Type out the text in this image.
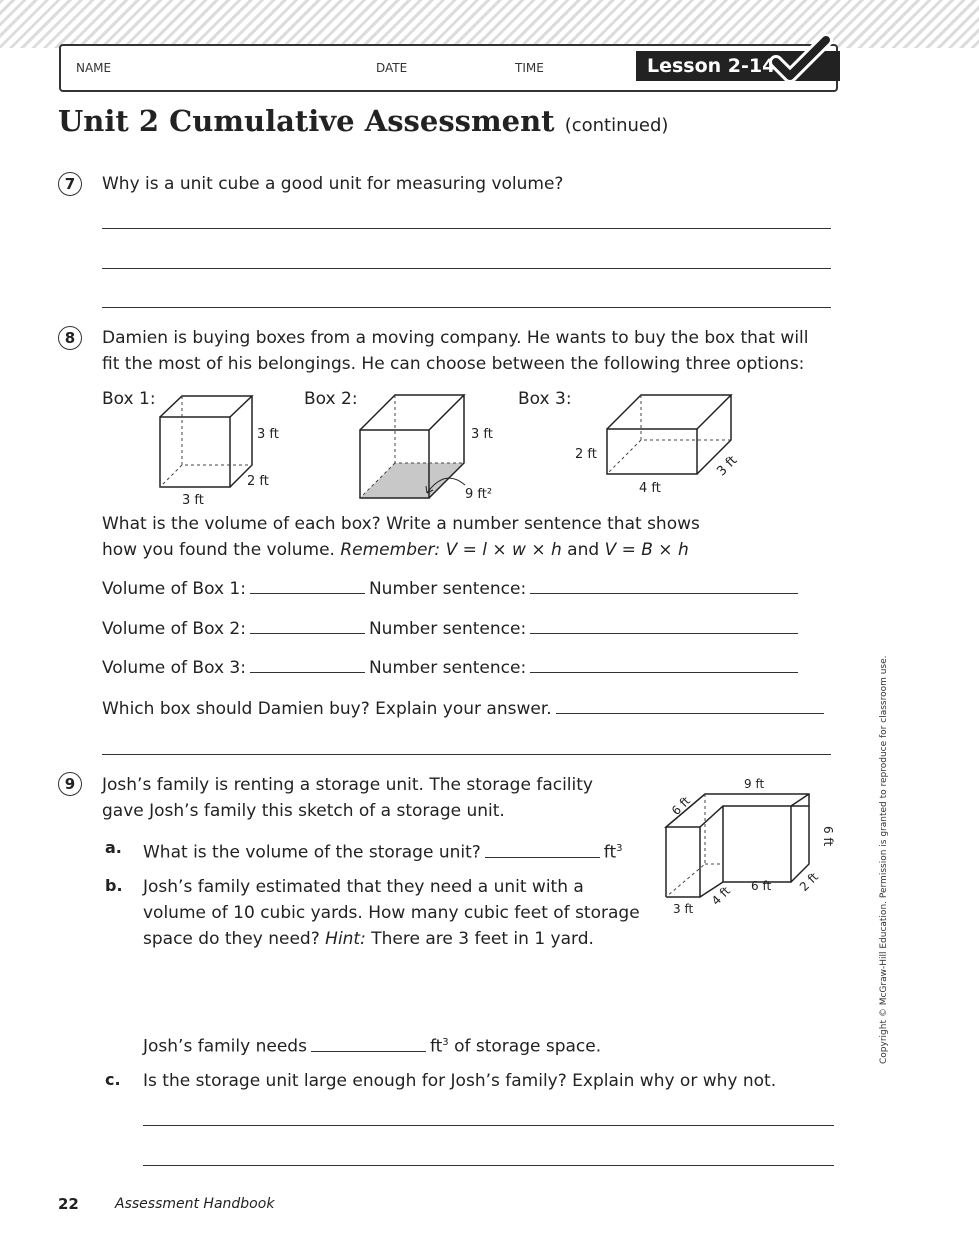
NAME	DATE	TIME	Lesson 2-14
Unit 2 Cumulative Assessment (continued)
7	Why is a unit cube a good unit for measuring volume?
8	Damien is buying boxes from a moving company. He wants to buy the box that will
fit the most of his belongings. He can choose between the following three options:
Box 1:
3 ft
2 ft
3 ft
Box 2:
3 ft
9 ft²
Box 3:
2 ft
4 ft
3 ft
What is the volume of each box? Write a number sentence that shows
how you found the volume. Remember: V = l × w × h and V = B × h
Volume of Box 1:	Number sentence:
Volume of Box 2:	Number sentence:
Volume of Box 3:	Number sentence:
Which box should Damien buy? Explain your answer.
9	Josh’s family is renting a storage unit. The storage facility
gave Josh’s family this sketch of a storage unit.
9 ft
6 ft
6 ft
3 ft
4 ft 6 ft 2 ft
a. What is the volume of the storage unit?	$ft^3$
b. Josh’s family estimated that they need a unit with a
volume of 10 cubic yards. How many cubic feet of storage
space do they need? Hint: There are 3 feet in 1 yard.
Josh’s family needs	$ft^3$ of storage space.
c. Is the storage unit large enough for Josh’s family? Explain why or why not.
22	Assessment Handbook
Copyright © McGraw-Hill Education. Permission is granted to reproduce for classroom use.
